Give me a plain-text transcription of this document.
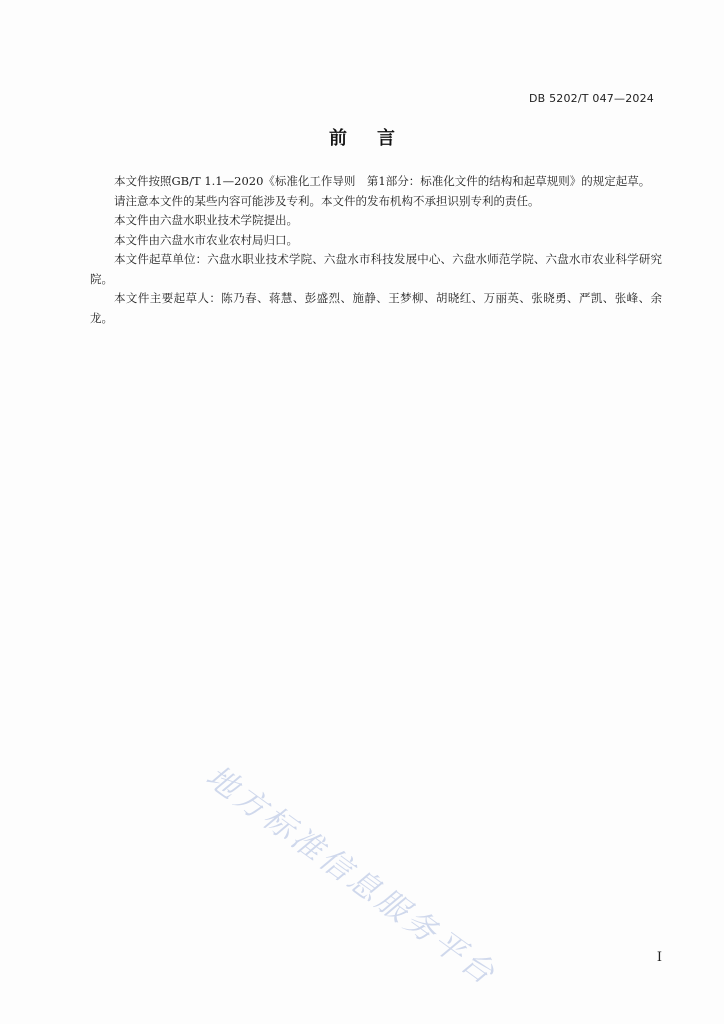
DB 5202/T 047—2024
前言

本文件按照GB/T 1.1—2020《标准化工作导则　第1部分：标准化文件的结构和起草规则》的规定起草。

请注意本文件的某些内容可能涉及专利。本文件的发布机构不承担识别专利的责任。

本文件由六盘水职业技术学院提出。

本文件由六盘水市农业农村局归口。

本文件起草单位：六盘水职业技术学院、六盘水市科技发展中心、六盘水师范学院、六盘水市农业科学研究院。

本文件主要起草人：陈乃春、蒋慧、彭盛烈、施静、王梦柳、胡晓红、万丽英、张晓勇、严凯、张峰、余龙。

地方标准信息服务平台	I
